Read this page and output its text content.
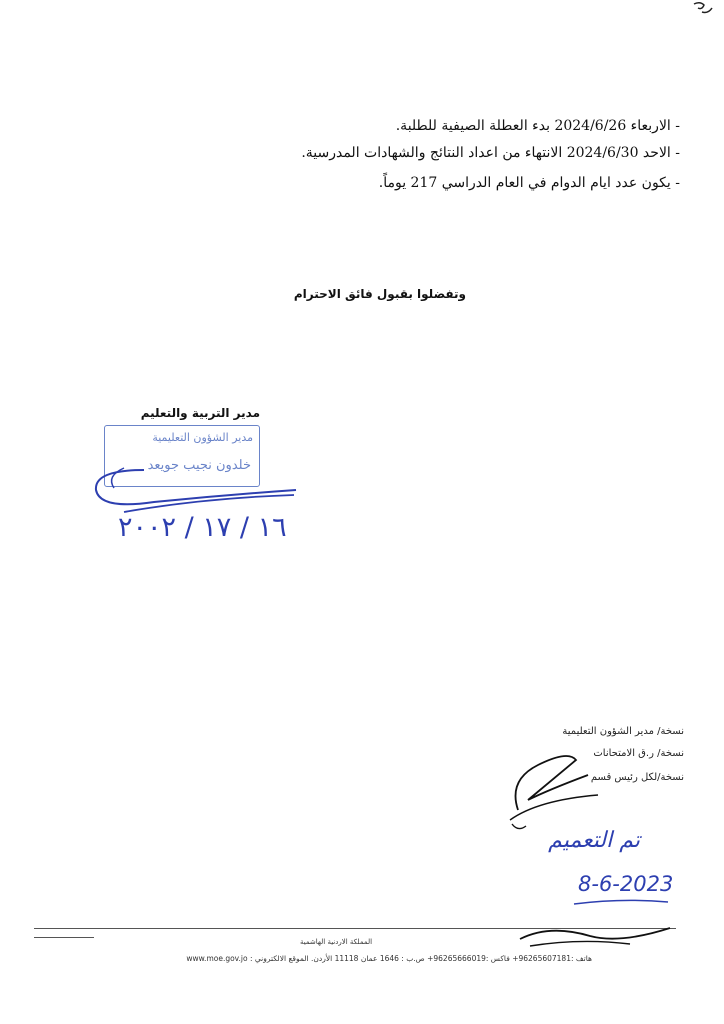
- الاربعاء 2024/6/26 بدء العطلة الصيفية للطلبة.
- الاحد 2024/6/30 الانتهاء من اعداد النتائج والشهادات المدرسية.
- يكون عدد ايام الدوام في العام الدراسي 217 يوماً.
وتفضلوا بقبول فائق الاحترام
مدير التربية والتعليم
مدير الشؤون التعليمية
خلدون نجيب جويعد
١٦ / ١٧ / ٢٠٠٢
نسخة/ مدير الشؤون التعليمية
نسخة/ ر.ق الامتحانات
نسخة/لكل رئيس قسم
تم التعميم
8-6-2023
المملكة الاردنية الهاشمية
هاتف :96265607181+ فاكس :96265666019+ ص.ب : 1646 عمان 11118 الأردن. الموقع الالكتروني : www.moe.gov.jo
